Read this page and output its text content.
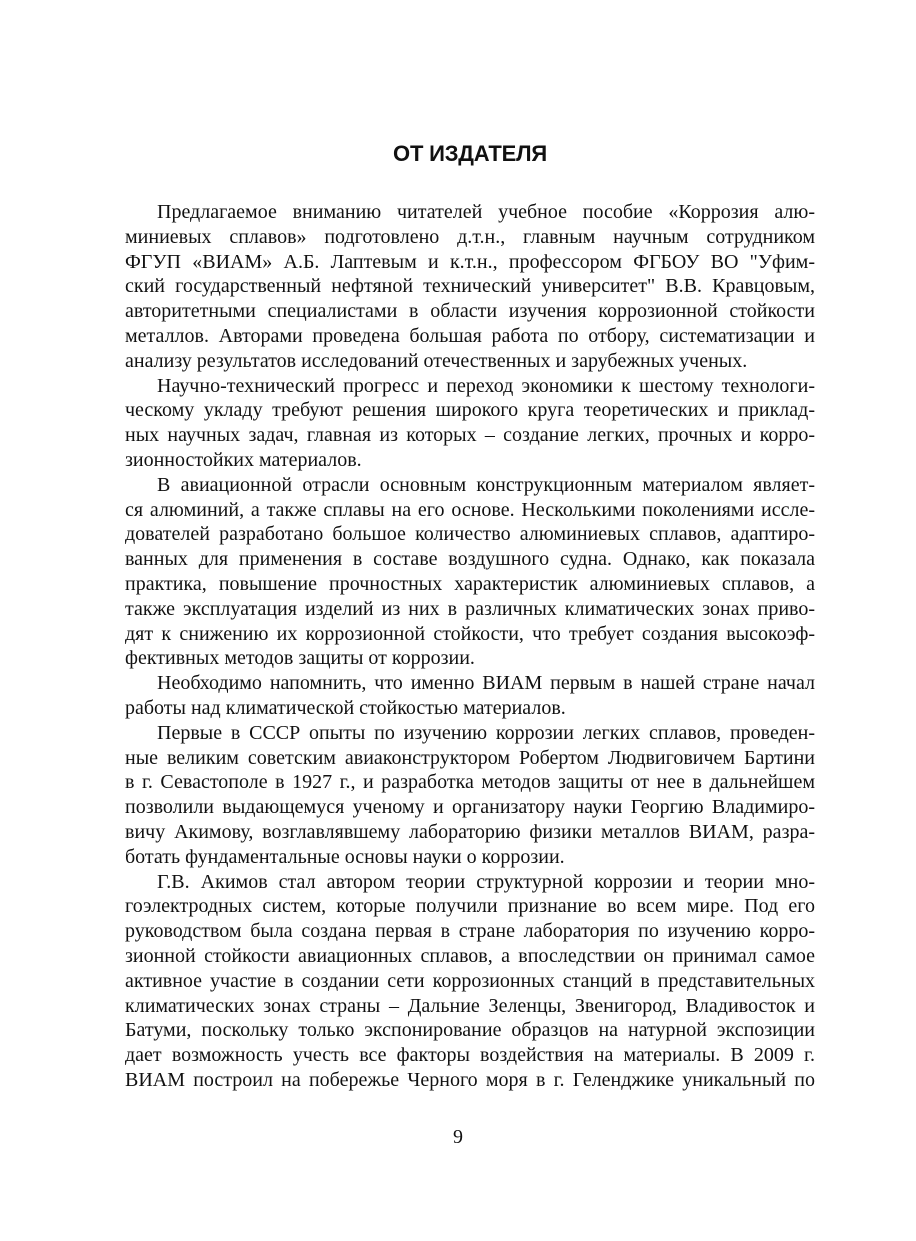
ОТ ИЗДАТЕЛЯ

Предлагаемое вниманию читателей учебное пособие «Коррозия алю-
миниевых сплавов» подготовлено д.т.н., главным научным сотрудником
ФГУП «ВИАМ» А.Б. Лаптевым и к.т.н., профессором ФГБОУ ВО "Уфим-
ский государственный нефтяной технический университет" В.В. Кравцовым,
авторитетными специалистами в области изучения коррозионной стойкости
металлов. Авторами проведена большая работа по отбору, систематизации и
анализу результатов исследований отечественных и зарубежных ученых.

Научно-технический прогресс и переход экономики к шестому технологи-
ческому укладу требуют решения широкого круга теоретических и приклад-
ных научных задач, главная из которых – создание легких, прочных и корро-
зионностойких материалов.

В авиационной отрасли основным конструкционным материалом являет-
ся алюминий, а также сплавы на его основе. Несколькими поколениями иссле-
дователей разработано большое количество алюминиевых сплавов, адаптиро-
ванных для применения в составе воздушного судна. Однако, как показала
практика, повышение прочностных характеристик алюминиевых сплавов, а
также эксплуатация изделий из них в различных климатических зонах приво-
дят к снижению их коррозионной стойкости, что требует создания высокоэф-
фективных методов защиты от коррозии.

Необходимо напомнить, что именно ВИАМ первым в нашей стране начал
работы над климатической стойкостью материалов.

Первые в СССР опыты по изучению коррозии легких сплавов, проведен-
ные великим советским авиаконструктором Робертом Людвиговичем Бартини
в г. Севастополе в 1927 г., и разработка методов защиты от нее в дальнейшем
позволили выдающемуся ученому и организатору науки Георгию Владимиро-
вичу Акимову, возглавлявшему лабораторию физики металлов ВИАМ, разра-
ботать фундаментальные основы науки о коррозии.

Г.В. Акимов стал автором теории структурной коррозии и теории мно-
гоэлектродных систем, которые получили признание во всем мире. Под его
руководством была создана первая в стране лаборатория по изучению корро-
зионной стойкости авиационных сплавов, а впоследствии он принимал самое
активное участие в создании сети коррозионных станций в представительных
климатических зонах страны – Дальние Зеленцы, Звенигород, Владивосток и
Батуми, поскольку только экспонирование образцов на натурной экспозиции
дает возможность учесть все факторы воздействия на материалы. В 2009 г.
ВИАМ построил на побережье Черного моря в г. Геленджике уникальный по

9
